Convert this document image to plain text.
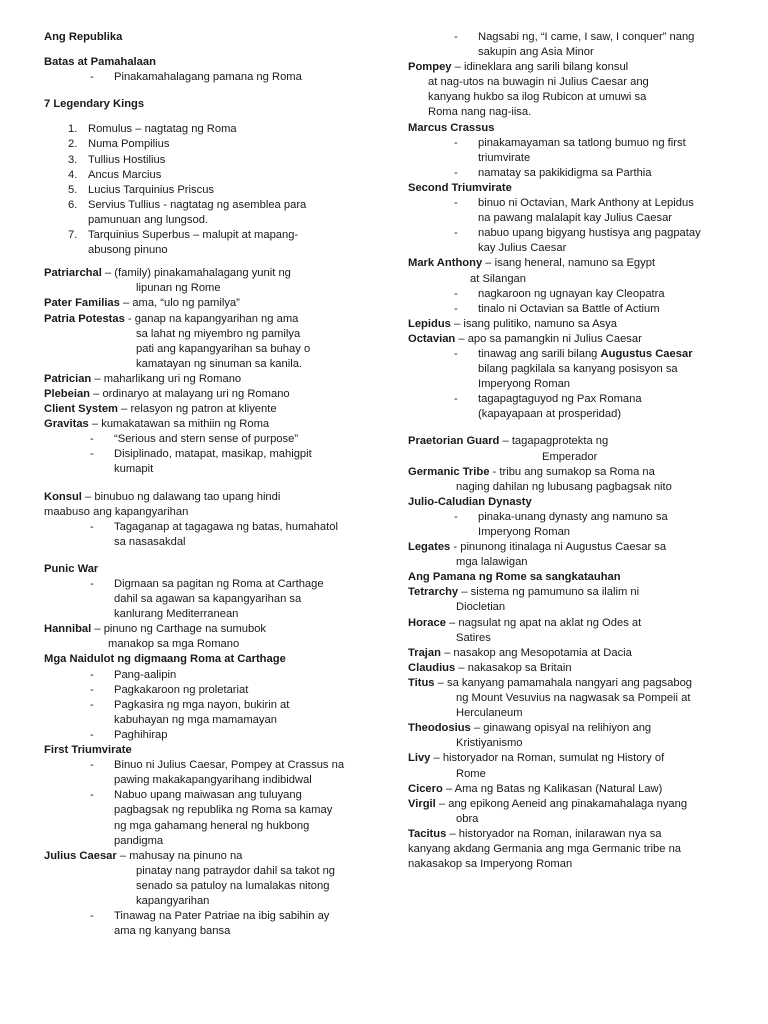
Ang Republika
Batas at Pamahalaan
-	Pinakamahalagang pamana ng Roma
7 Legendary Kings
1. Romulus – nagtatag ng Roma
2. Numa Pompilius
3. Tullius Hostilius
4. Ancus Marcius
5. Lucius Tarquinius Priscus
6. Servius Tullius - nagtatag ng asemblea para
pamunuan ang lungsod.
7. Tarquinius Superbus – malupit at mapang-
abusong pinuno
Patriarchal – (family) pinakamahalagang yunit ng
lipunan ng Rome
Pater Familias – ama, “ulo ng pamilya”
Patria Potestas - ganap na kapangyarihan ng ama
sa lahat ng miyembro ng pamilya
pati ang kapangyarihan sa buhay o
kamatayan ng sinuman sa kanila.
Patrician – maharlikang uri ng Romano
Plebeian – ordinaryo at malayang uri ng Romano
Client System – relasyon ng patron at kliyente
Gravitas – kumakatawan sa mithiin ng Roma
-	“Serious and stern sense of purpose”
-	Disiplinado, matapat, masikap, mahigpit
kumapit
Konsul – binubuo ng dalawang tao upang hindi
maabuso ang kapangyarihan
-	Tagaganap at tagagawa ng batas, humahatol
sa nasasakdal
Punic War
-	Digmaan sa pagitan ng Roma at Carthage
dahil sa agawan sa kapangyarihan sa
kanlurang Mediterranean
Hannibal – pinuno ng Carthage na sumubok
manakop sa mga Romano
Mga Naidulot ng digmaang Roma at Carthage
-	Pang-aalipin
-	Pagkakaroon ng proletariat
-	Pagkasira ng mga nayon, bukirin at
kabuhayan ng mga mamamayan
-	Paghihirap
First Triumvirate
-	Binuo ni Julius Caesar, Pompey at Crassus na
pawing makakapangyarihang indibidwal
-	Nabuo upang maiwasan ang tuluyang
pagbagsak ng republika ng Roma sa kamay
ng mga gahamang heneral ng hukbong
pandigma
Julius Caesar – mahusay na pinuno na
pinatay nang patraydor dahil sa takot ng
senado sa patuloy na lumalakas nitong
kapangyarihan
-	Tinawag na Pater Patriae na ibig sabihin ay
ama ng kanyang bansa
-	Nagsabi ng, “I came, I saw, I conquer” nang
sakupin ang Asia Minor
Pompey – idineklara ang sarili bilang konsul
at nag-utos na buwagin ni Julius Caesar ang
kanyang hukbo sa ilog Rubicon at umuwi sa
Roma nang nag-iisa.
Marcus Crassus
-	pinakamayaman sa tatlong bumuo ng first
triumvirate
-	namatay sa pakikidigma sa Parthia
Second Triumvirate
-	binuo ni Octavian, Mark Anthony at Lepidus
na pawang malalapit kay Julius Caesar
-	nabuo upang bigyang hustisya ang pagpatay
kay Julius Caesar
Mark Anthony – isang heneral, namuno sa Egypt
at Silangan
-	nagkaroon ng ugnayan kay Cleopatra
-	tinalo ni Octavian sa Battle of Actium
Lepidus – isang pulitiko, namuno sa Asya
Octavian – apo sa pamangkin ni Julius Caesar
-	tinawag ang sarili bilang Augustus Caesar
bilang pagkilala sa kanyang posisyon sa
Imperyong Roman
-	tagapagtaguyod ng Pax Romana
(kapayapaan at prosperidad)
Praetorian Guard – tagapagprotekta ng
Emperador
Germanic Tribe - tribu ang sumakop sa Roma na
naging dahilan ng lubusang pagbagsak nito
Julio-Caludian Dynasty
-	pinaka-unang dynasty ang namuno sa
Imperyong Roman
Legates - pinunong itinalaga ni Augustus Caesar sa
mga lalawigan
Ang Pamana ng Rome sa sangkatauhan
Tetrarchy – sistema ng pamumuno sa ilalim ni
Diocletian
Horace – nagsulat ng apat na aklat ng Odes at
Satires
Trajan – nasakop ang Mesopotamia at Dacia
Claudius – nakasakop sa Britain
Titus – sa kanyang pamamahala nangyari ang pagsabog
ng Mount Vesuvius na nagwasak sa Pompeii at
Herculaneum
Theodosius – ginawang opisyal na relihiyon ang
Kristiyanismo
Livy – historyador na Roman, sumulat ng History of
Rome
Cicero – Ama ng Batas ng Kalikasan (Natural Law)
Virgil – ang epikong Aeneid ang pinakamahalaga nyang
obra
Tacitus – historyador na Roman, inilarawan nya sa
kanyang akdang Germania ang mga Germanic tribe na
nakasakop sa Imperyong Roman
